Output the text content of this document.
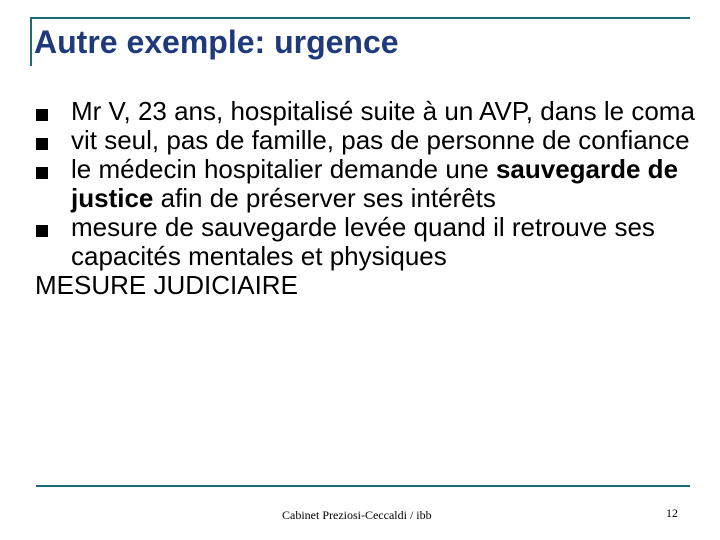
Autre exemple: urgence
Mr V, 23 ans, hospitalisé suite à un AVP, dans le coma
vit seul, pas de famille, pas de personne de confiance
le médecin hospitalier demande une sauvegarde de justice afin de préserver ses intérêts
mesure de sauvegarde levée quand il retrouve ses capacités mentales et physiques
MESURE JUDICIAIRE
Cabinet Preziosi-Ceccaldi / ibb	12
